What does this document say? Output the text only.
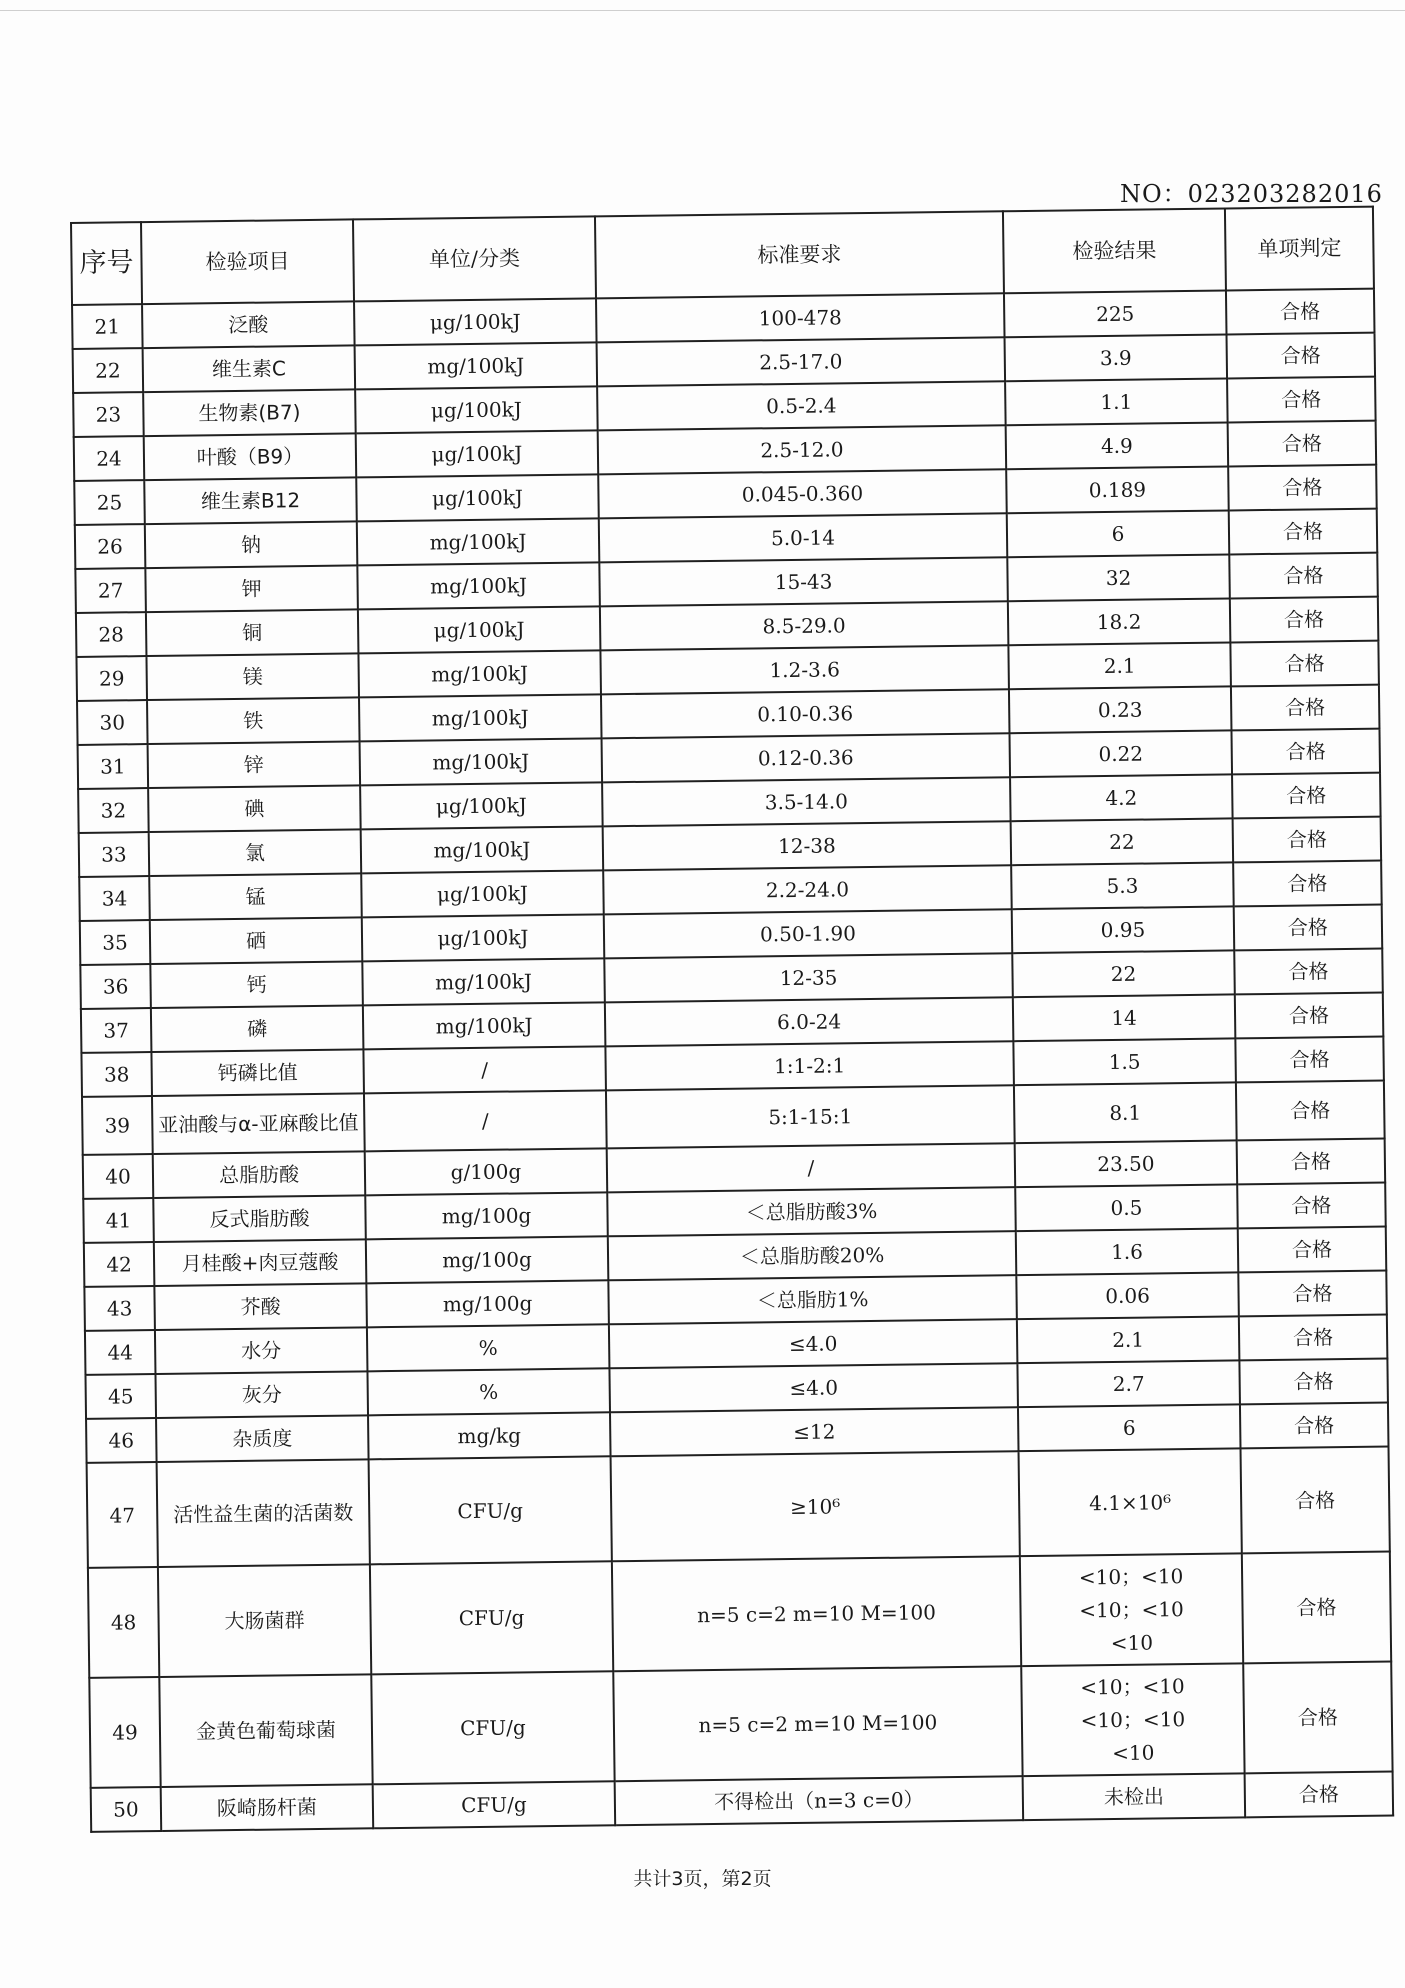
NO：023203282016
序号	检验项目	单位/分类	标准要求	检验结果	单项判定
21	泛酸	μg/100kJ	100-478	225	合格
22	维生素C	mg/100kJ	2.5-17.0	3.9	合格
23	生物素(B7)	μg/100kJ	0.5-2.4	1.1	合格
24	叶酸（B9）	μg/100kJ	2.5-12.0	4.9	合格
25	维生素B12	μg/100kJ	0.045-0.360	0.189	合格
26	钠	mg/100kJ	5.0-14	6	合格
27	钾	mg/100kJ	15-43	32	合格
28	铜	μg/100kJ	8.5-29.0	18.2	合格
29	镁	mg/100kJ	1.2-3.6	2.1	合格
30	铁	mg/100kJ	0.10-0.36	0.23	合格
31	锌	mg/100kJ	0.12-0.36	0.22	合格
32	碘	μg/100kJ	3.5-14.0	4.2	合格
33	氯	mg/100kJ	12-38	22	合格
34	锰	μg/100kJ	2.2-24.0	5.3	合格
35	硒	μg/100kJ	0.50-1.90	0.95	合格
36	钙	mg/100kJ	12-35	22	合格
37	磷	mg/100kJ	6.0-24	14	合格
38	钙磷比值	/	1:1-2:1	1.5	合格
39	亚油酸与α-亚麻酸比值	/	5:1-15:1	8.1	合格
40	总脂肪酸	g/100g	/	23.50	合格
41	反式脂肪酸	mg/100g	＜总脂肪酸3%	0.5	合格
42	月桂酸+肉豆蔻酸	mg/100g	＜总脂肪酸20%	1.6	合格
43	芥酸	mg/100g	＜总脂肪1%	0.06	合格
44	水分	%	≤4.0	2.1	合格
45	灰分	%	≤4.0	2.7	合格
46	杂质度	mg/kg	≤12	6	合格
47	活性益生菌的活菌数	CFU/g	≥10⁶	4.1×10⁶	合格
48	大肠菌群	CFU/g	n=5 c=2 m=10 M=100	<10；<10
<10；<10
<10	合格
49	金黄色葡萄球菌	CFU/g	n=5 c=2 m=10 M=100	<10；<10
<10；<10
<10	合格
50	阪崎肠杆菌	CFU/g	不得检出（n=3 c=0）	未检出	合格
共计3页，第2页
